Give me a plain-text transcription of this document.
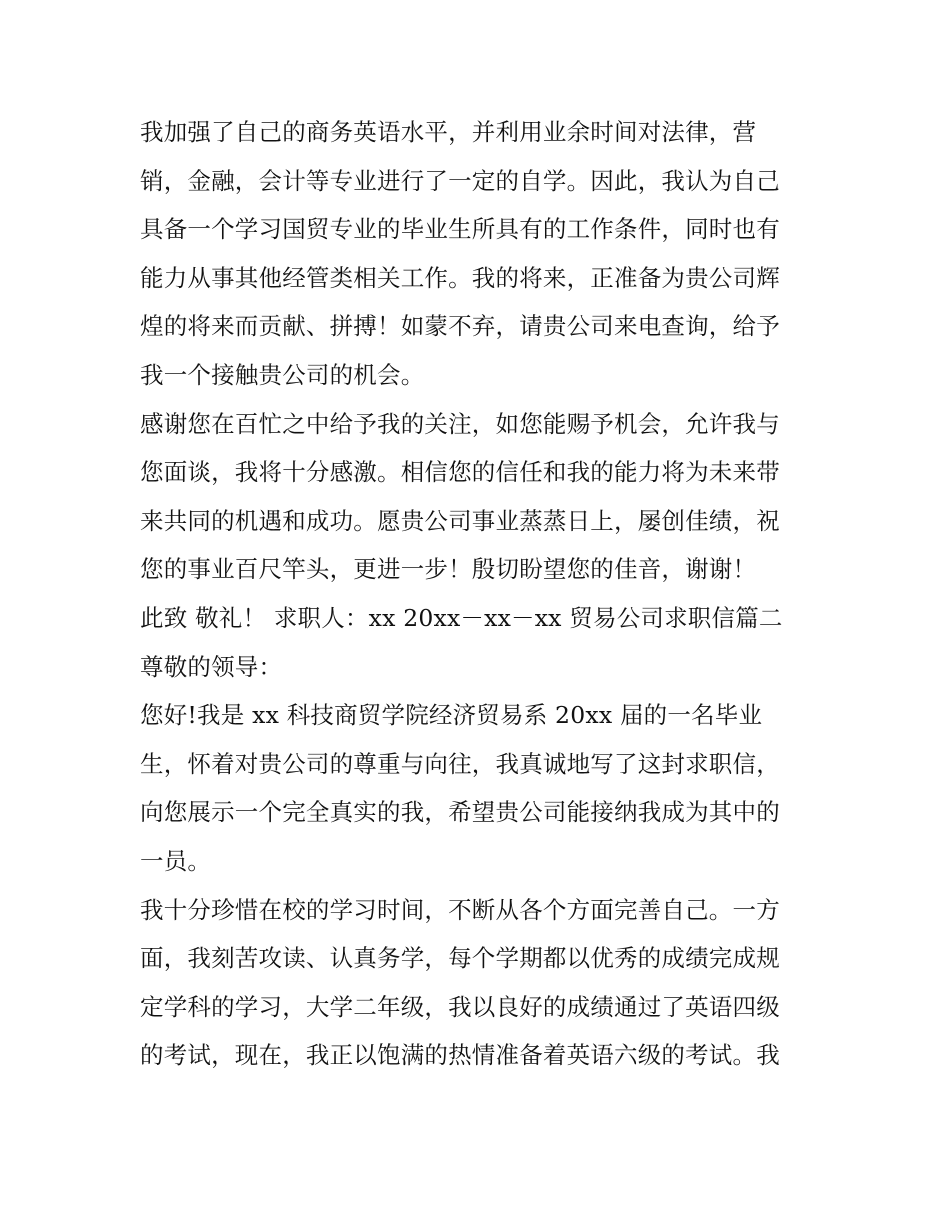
我加强了自己的商务英语水平，并利用业余时间对法律，营
销，金融，会计等专业进行了一定的自学。因此，我认为自己
具备一个学习国贸专业的毕业生所具有的工作条件，同时也有
能力从事其他经管类相关工作。我的将来，正准备为贵公司辉
煌的将来而贡献、拼搏！如蒙不弃，请贵公司来电查询，给予
我一个接触贵公司的机会。
感谢您在百忙之中给予我的关注，如您能赐予机会，允许我与
您面谈，我将十分感激。相信您的信任和我的能力将为未来带
来共同的机遇和成功。愿贵公司事业蒸蒸日上，屡创佳绩，祝
您的事业百尺竿头，更进一步！殷切盼望您的佳音，谢谢！
此致 敬礼！ 求职人：xx 20xx－xx－xx 贸易公司求职信篇二
尊敬的领导：
您好!我是 xx 科技商贸学院经济贸易系 20xx 届的一名毕业
生，怀着对贵公司的尊重与向往，我真诚地写了这封求职信，
向您展示一个完全真实的我，希望贵公司能接纳我成为其中的
一员。
我十分珍惜在校的学习时间，不断从各个方面完善自己。一方
面，我刻苦攻读、认真务学，每个学期都以优秀的成绩完成规
定学科的学习，大学二年级，我以良好的成绩通过了英语四级
的考试，现在，我正以饱满的热情准备着英语六级的考试。我
